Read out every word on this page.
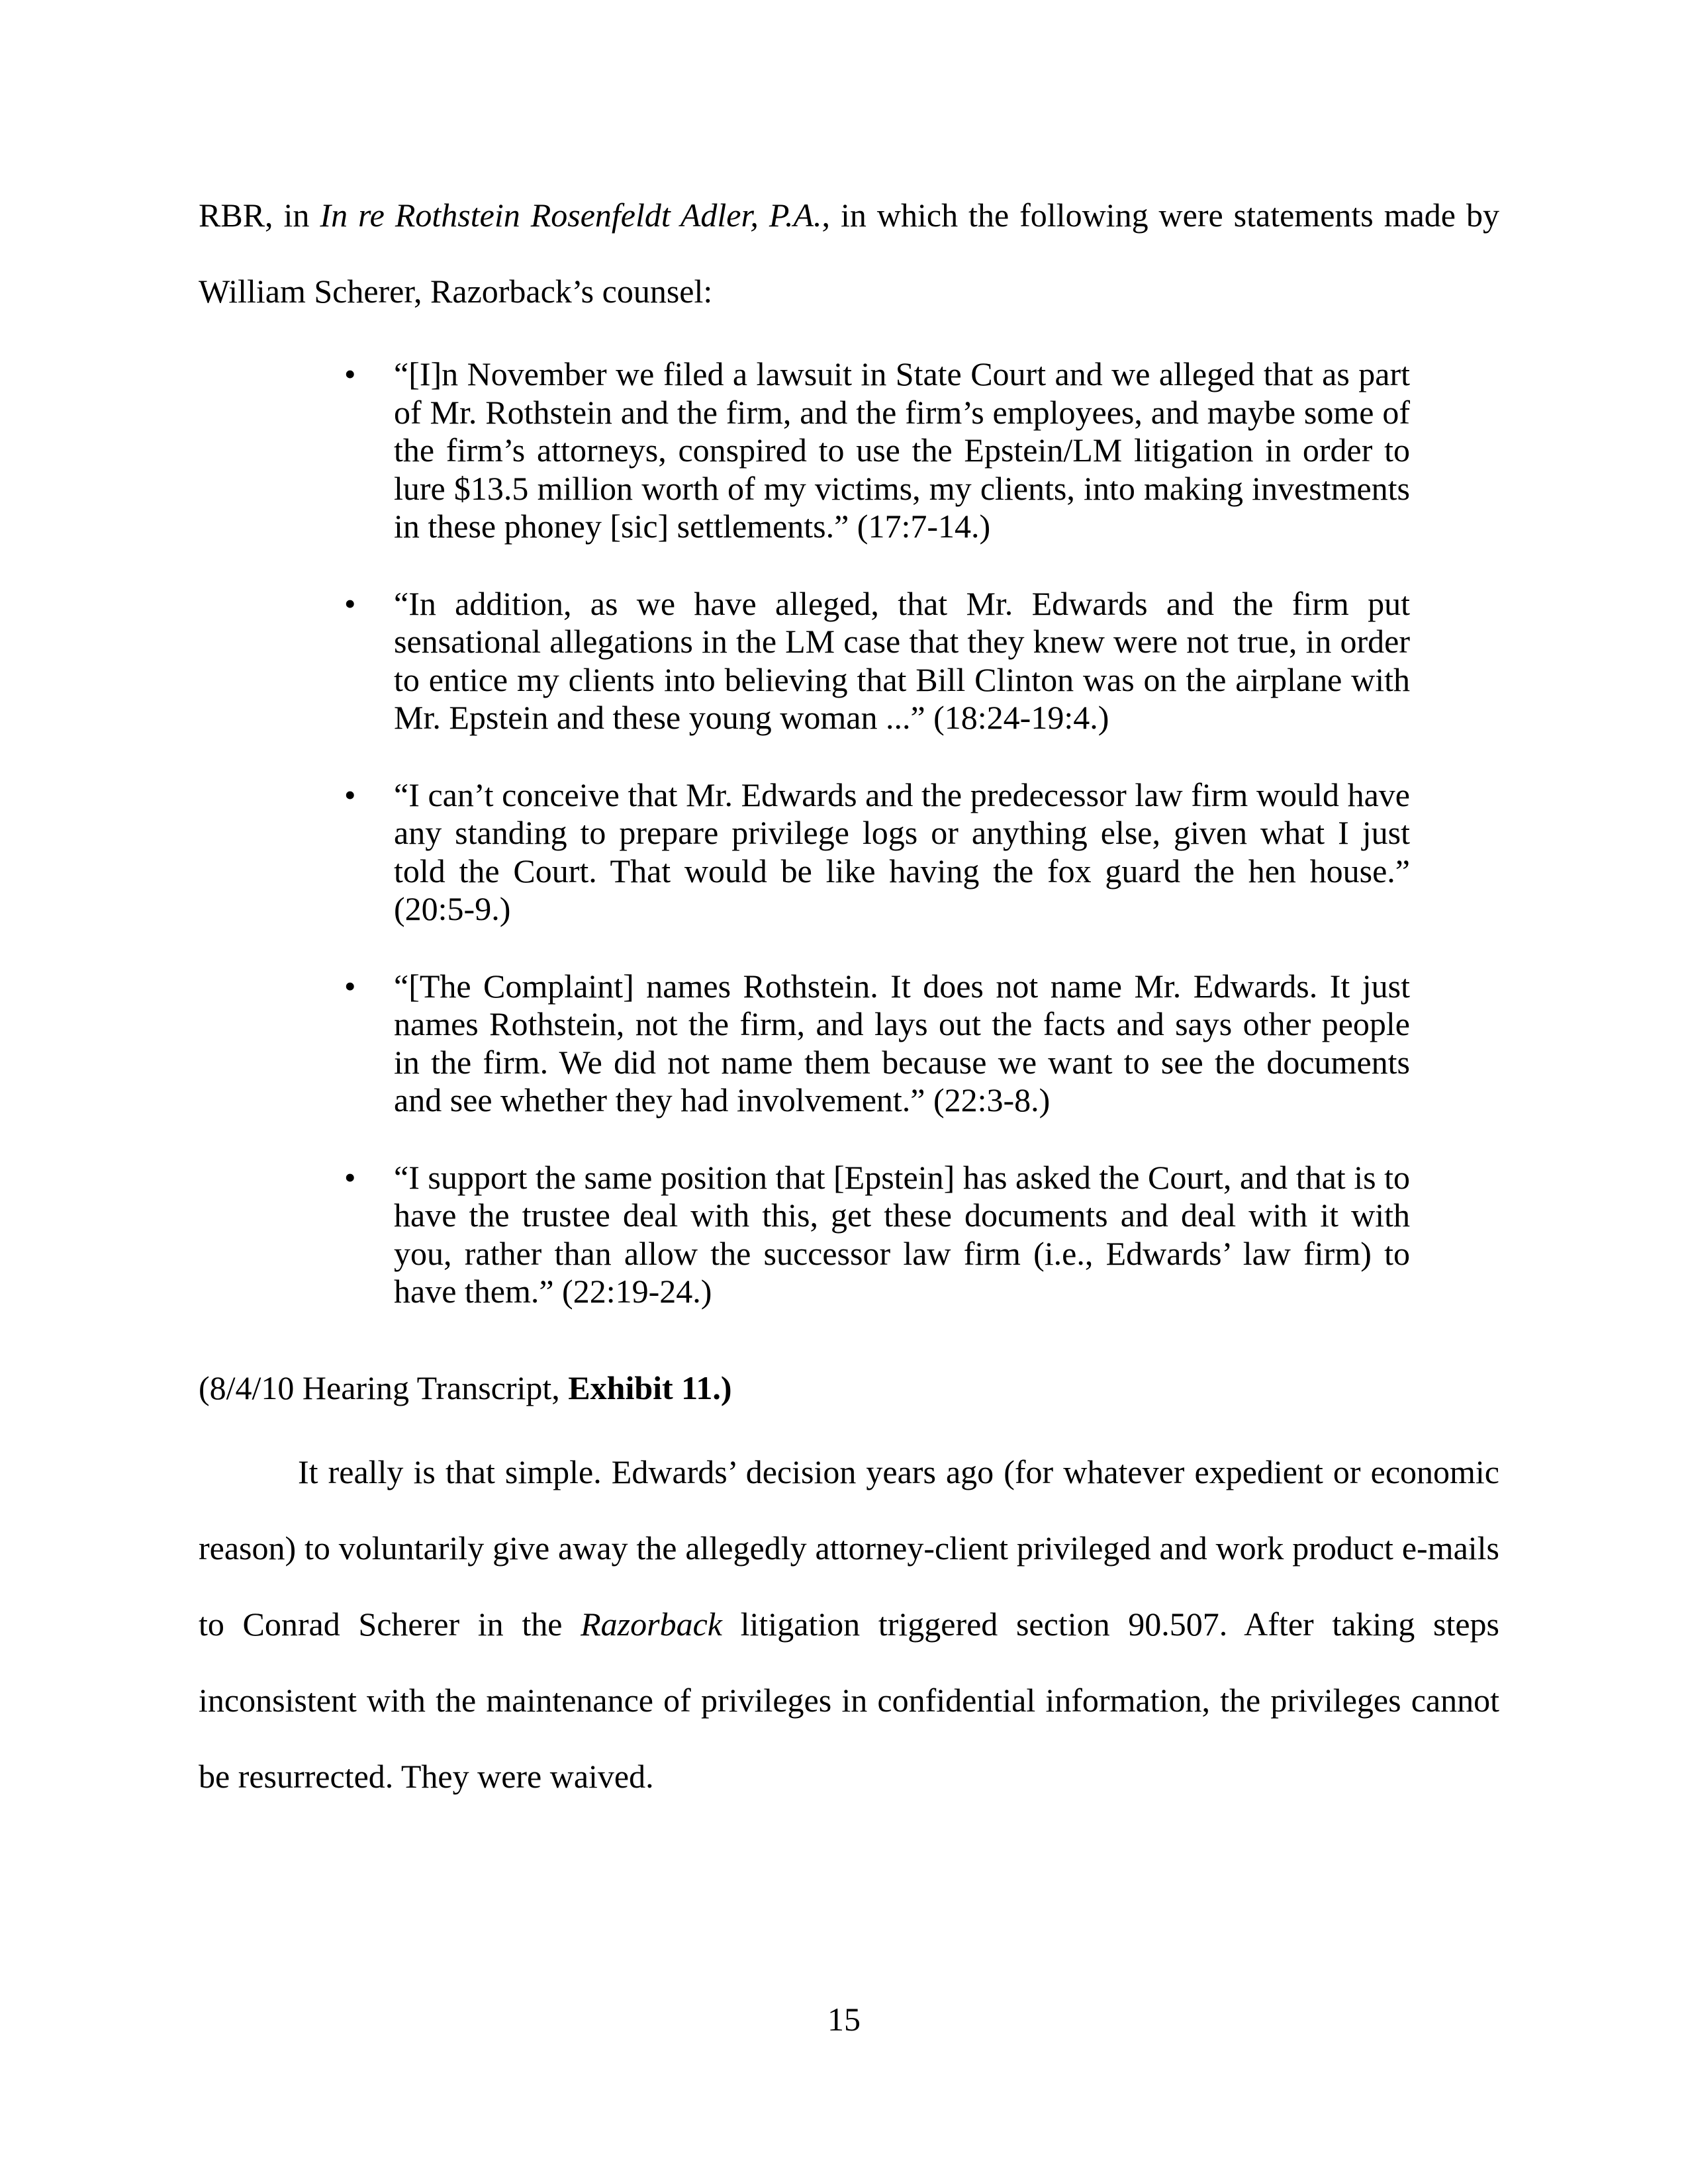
RBR, in In re Rothstein Rosenfeldt Adler, P.A., in which the following were statements made by William Scherer, Razorback’s counsel:

•	“[I]n November we filed a lawsuit in State Court and we alleged that as part of Mr. Rothstein and the firm, and the firm’s employees, and maybe some of the firm’s attorneys, conspired to use the Epstein/LM litigation in order to lure $13.5 million worth of my victims, my clients, into making investments in these phoney [sic] settlements.” (17:7-14.)

•	“In addition, as we have alleged, that Mr. Edwards and the firm put sensational allegations in the LM case that they knew were not true, in order to entice my clients into believing that Bill Clinton was on the airplane with Mr. Epstein and these young woman ...” (18:24-19:4.)

•	“I can’t conceive that Mr. Edwards and the predecessor law firm would have any standing to prepare privilege logs or anything else, given what I just told the Court. That would be like having the fox guard the hen house.” (20:5-9.)

•	“[The Complaint] names Rothstein. It does not name Mr. Edwards. It just names Rothstein, not the firm, and lays out the facts and says other people in the firm. We did not name them because we want to see the documents and see whether they had involvement.” (22:3-8.)

•	“I support the same position that [Epstein] has asked the Court, and that is to have the trustee deal with this, get these documents and deal with it with you, rather than allow the successor law firm (i.e., Edwards’ law firm) to have them.” (22:19-24.)

(8/4/10 Hearing Transcript, Exhibit 11.)

It really is that simple. Edwards’ decision years ago (for whatever expedient or economic reason) to voluntarily give away the allegedly attorney-client privileged and work product e-mails to Conrad Scherer in the Razorback litigation triggered section 90.507. After taking steps inconsistent with the maintenance of privileges in confidential information, the privileges cannot be resurrected. They were waived.

15
